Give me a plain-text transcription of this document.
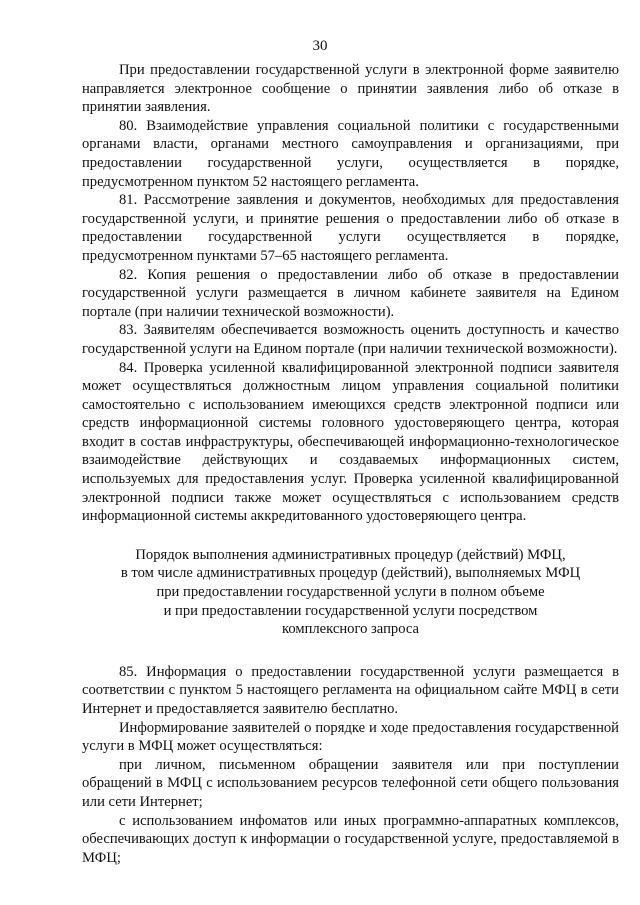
30

При предоставлении государственной услуги в электронной форме заявителю направляется электронное сообщение о принятии заявления либо об отказе в принятии заявления.

80. Взаимодействие управления социальной политики с государственными органами власти, органами местного самоуправления и организациями, при предоставлении государственной услуги, осуществляется в порядке, предусмотренном пунктом 52 настоящего регламента.

81. Рассмотрение заявления и документов, необходимых для предоставления государственной услуги, и принятие решения о предоставлении либо об отказе в предоставлении государственной услуги осуществляется в порядке, предусмотренном пунктами 57–65 настоящего регламента.

82. Копия решения о предоставлении либо об отказе в предоставлении государственной услуги размещается в личном кабинете заявителя на Едином портале (при наличии технической возможности).

83. Заявителям обеспечивается возможность оценить доступность и качество государственной услуги на Едином портале (при наличии технической возможности).

84. Проверка усиленной квалифицированной электронной подписи заявителя может осуществляться должностным лицом управления социальной политики самостоятельно с использованием имеющихся средств электронной подписи или средств информационной системы головного удостоверяющего центра, которая входит в состав инфраструктуры, обеспечивающей информационно-технологическое взаимодействие действующих и создаваемых информационных систем, используемых для предоставления услуг. Проверка усиленной квалифицированной электронной подписи также может осуществляться с использованием средств информационной системы аккредитованного удостоверяющего центра.

Порядок выполнения административных процедур (действий) МФЦ,
в том числе административных процедур (действий), выполняемых МФЦ
при предоставлении государственной услуги в полном объеме
и при предоставлении государственной услуги посредством
комплексного запроса

85. Информация о предоставлении государственной услуги размещается в соответствии с пунктом 5 настоящего регламента на официальном сайте МФЦ в сети Интернет и предоставляется заявителю бесплатно.

Информирование заявителей о порядке и ходе предоставления государственной услуги в МФЦ может осуществляться:

при личном, письменном обращении заявителя или при поступлении обращений в МФЦ с использованием ресурсов телефонной сети общего пользования или сети Интернет;

с использованием инфоматов или иных программно-аппаратных комплексов, обеспечивающих доступ к информации о государственной услуге, предоставляемой в МФЦ;
